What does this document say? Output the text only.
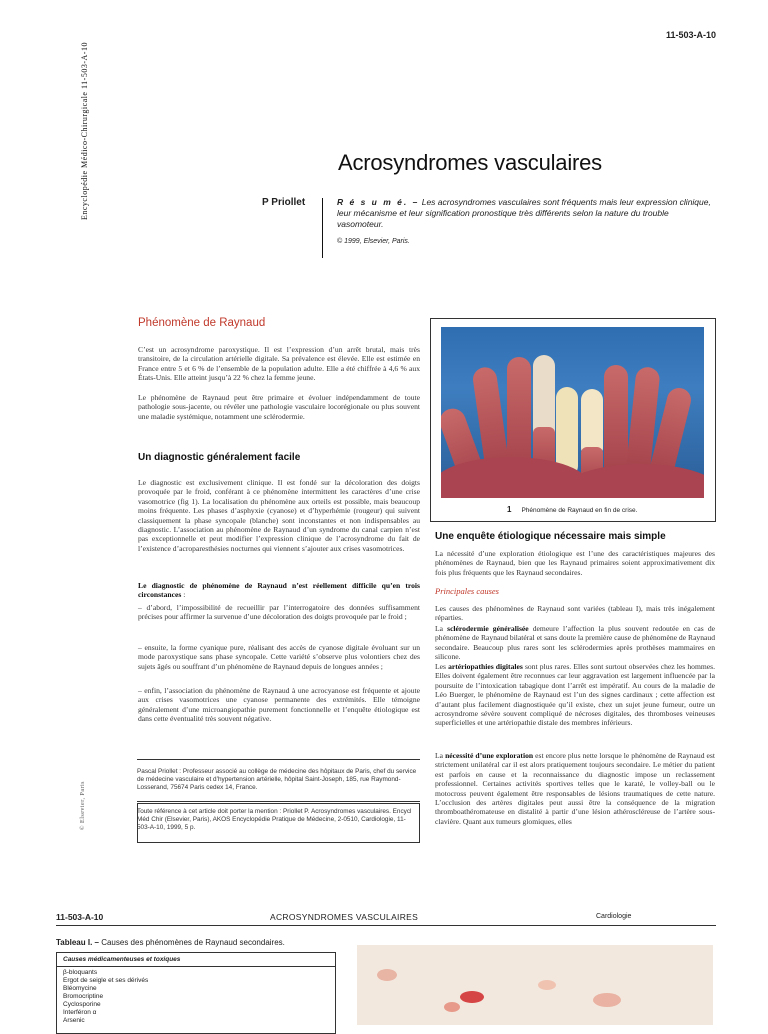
Encyclopédie Médico-Chirurgicale 11-503-A-10
© Elsevier, Paris
11-503-A-10
Acrosyndromes vasculaires
P Priollet	R é s u m é. – Les acrosyndromes vasculaires sont fréquents mais leur expression clinique, leur mécanisme et leur signification pronostique très différents selon la nature du trouble vasomoteur.
© 1999, Elsevier, Paris.
Phénomène de Raynaud
C’est un acrosyndrome paroxystique. Il est l’expression d’un arrêt brutal, mais très transitoire, de la circulation artérielle digitale. Sa prévalence est élevée. Elle est estimée en France entre 5 et 6 % de l’ensemble de la population adulte. Elle a été chiffrée à 4,6 % aux États-Unis. Elle atteint jusqu’à 22 % chez la femme jeune.
Le phénomène de Raynaud peut être primaire et évoluer indépendamment de toute pathologie sous-jacente, ou révéler une pathologie vasculaire locorégionale ou plus souvent une maladie systémique, notamment une sclérodermie.
Un diagnostic généralement facile
Le diagnostic est exclusivement clinique. Il est fondé sur la décoloration des doigts provoquée par le froid, conférant à ce phénomène intermittent les caractères d’une crise vasomotrice (fig 1). La localisation du phénomène aux orteils est possible, mais beaucoup moins fréquente. Les phases d’asphyxie (cyanose) et d’hyperhémie (rougeur) qui suivent classiquement la phase syncopale (blanche) sont inconstantes et non indispensables au diagnostic. L’association au phénomène de Raynaud d’un syndrome du canal carpien n’est pas exceptionnelle et peut modifier l’expression clinique de l’acrosyndrome du fait de l’existence d’acroparesthésies nocturnes qui viennent s’ajouter aux crises vasomotrices.
Le diagnostic de phénomène de Raynaud n’est réellement difficile qu’en trois circonstances :
– d’abord, l’impossibilité de recueillir par l’interrogatoire des données suffisamment précises pour affirmer la survenue d’une décoloration des doigts provoquée par le froid ;
– ensuite, la forme cyanique pure, réalisant des accès de cyanose digitale évoluant sur un mode paroxystique sans phase syncopale. Cette variété s’observe plus volontiers chez des sujets âgés ou souffrant d’un phénomène de Raynaud depuis de longues années ;
– enfin, l’association du phénomène de Raynaud à une acrocyanose est fréquente et ajoute aux crises vasomotrices une cyanose permanente des extrémités. Elle témoigne généralement d’une microangiopathie purement fonctionnelle et l’enquête étiologique est dans cette éventualité très souvent négative.
Pascal Priollet : Professeur associé au collège de médecine des hôpitaux de Paris, chef du service de médecine vasculaire et d’hypertension artérielle, hôpital Saint-Joseph, 185, rue Raymond-Losserand, 75674 Paris cedex 14, France.
Toute référence à cet article doit porter la mention : Priollet P. Acrosyndromes vasculaires. Encycl Méd Chir (Elsevier, Paris), AKOS Encyclopédie Pratique de Médecine, 2-0510, Cardiologie, 11-503-A-10, 1999, 5 p.
1 Phénomène de Raynaud en fin de crise.
Une enquête étiologique nécessaire mais simple
La nécessité d’une exploration étiologique est l’une des caractéristiques majeures des phénomènes de Raynaud, bien que les Raynaud primaires soient approximativement dix fois plus fréquents que les Raynaud secondaires.
Principales causes
Les causes des phénomènes de Raynaud sont variées (tableau I), mais très inégalement réparties.
La sclérodermie généralisée demeure l’affection la plus souvent redoutée en cas de phénomène de Raynaud bilatéral et sans doute la première cause de phénomène de Raynaud secondaire. Beaucoup plus rares sont les sclérodermies après prothèses mammaires en silicone.
Les artériopathies digitales sont plus rares. Elles sont surtout observées chez les hommes. Elles doivent également être reconnues car leur aggravation est largement influencée par la poursuite de l’intoxication tabagique dont l’arrêt est impératif. Au cours de la maladie de Léo Buerger, le phénomène de Raynaud est l’un des signes cardinaux ; cette affection est d’autant plus facilement diagnostiquée qu’il existe, chez un sujet jeune fumeur, outre un acrosyndrome sévère souvent compliqué de nécroses digitales, des thromboses veineuses superficielles et une artériopathie distale des membres inférieurs.
La nécessité d’une exploration est encore plus nette lorsque le phénomène de Raynaud est strictement unilatéral car il est alors pratiquement toujours secondaire. Le métier du patient est parfois en cause et la reconnaissance du diagnostic impose un reclassement professionnel. Certaines activités sportives telles que le karaté, le volley-ball ou le motocross peuvent également être responsables de lésions traumatiques de cette nature. L’occlusion des artères digitales peut aussi être la conséquence de la migration thromboathéromateuse en distalité à partir d’une lésion athéroscléreuse de l’artère sous-clavière. Quant aux tumeurs glomiques, elles
11-503-A-10	ACROSYNDROMES VASCULAIRES	Cardiologie
Tableau I. – Causes des phénomènes de Raynaud secondaires.
Causes médicamenteuses et toxiques
β-bloquants
Ergot de seigle et ses dérivés
Bléomycine
Bromocriptine
Cyclosporine
Interféron α
Arsenic
